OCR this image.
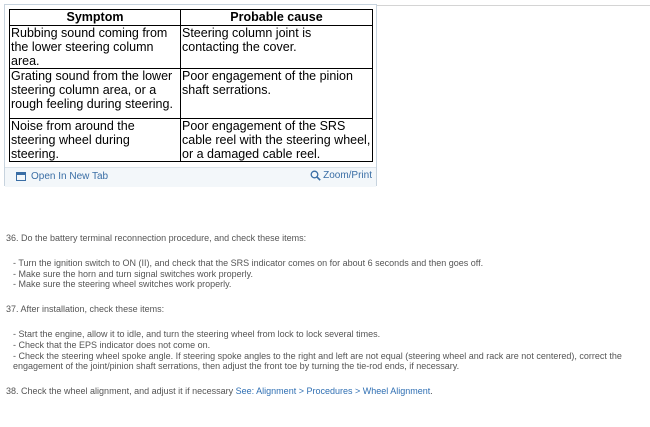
Symptom	Probable cause
Rubbing sound coming from the lower steering column area.	Steering column joint is contacting the cover.
Grating sound from the lower steering column area, or a rough feeling during steering.	Poor engagement of the pinion shaft serrations.
Noise from around the steering wheel during steering.	Poor engagement of the SRS cable reel with the steering wheel, or a damaged cable reel.
Open In New Tab	Zoom/Print

36. Do the battery terminal reconnection procedure, and check these items:

- Turn the ignition switch to ON (II), and check that the SRS indicator comes on for about 6 seconds and then goes off.

- Make sure the horn and turn signal switches work properly.

- Make sure the steering wheel switches work properly.

37. After installation, check these items:

- Start the engine, allow it to idle, and turn the steering wheel from lock to lock several times.

- Check that the EPS indicator does not come on.

- Check the steering wheel spoke angle. If steering spoke angles to the right and left are not equal (steering wheel and rack are not centered), correct the engagement of the joint/pinion shaft serrations, then adjust the front toe by turning the tie-rod ends, if necessary.

38. Check the wheel alignment, and adjust it if necessary See: Alignment > Procedures > Wheel Alignment.
